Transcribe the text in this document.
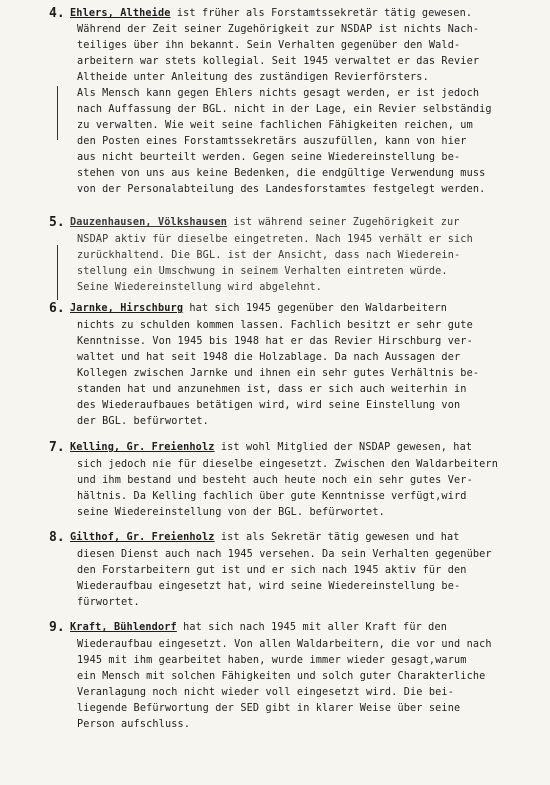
4. Ehlers, Altheide ist früher als Forstamtssekretär tätig gewesen.
Während der Zeit seiner Zugehörigkeit zur NSDAP ist nichts Nach-
teiliges über ihn bekannt. Sein Verhalten gegenüber den Wald-
arbeitern war stets kollegial. Seit 1945 verwaltet er das Revier
Altheide unter Anleitung des zuständigen Revierförsters.
Als Mensch kann gegen Ehlers nichts gesagt werden, er ist jedoch
nach Auffassung der BGL. nicht in der Lage, ein Revier selbständig
zu verwalten. Wie weit seine fachlichen Fähigkeiten reichen, um
den Posten eines Forstamtssekretärs auszufüllen, kann von hier
aus nicht beurteilt werden. Gegen seine Wiedereinstellung be-
stehen von uns aus keine Bedenken, die endgültige Verwendung muss
von der Personalabteilung des Landesforstamtes festgelegt werden.
5. Dauzenhausen, Völkshausen ist während seiner Zugehörigkeit zur
NSDAP aktiv für dieselbe eingetreten. Nach 1945 verhält er sich
zurückhaltend. Die BGL. ist der Ansicht, dass nach Wiederein-
stellung ein Umschwung in seinem Verhalten eintreten würde.
Seine Wiedereinstellung wird abgelehnt.
6. Jarnke, Hirschburg hat sich 1945 gegenüber den Waldarbeitern
nichts zu schulden kommen lassen. Fachlich besitzt er sehr gute
Kenntnisse. Von 1945 bis 1948 hat er das Revier Hirschburg ver-
waltet und hat seit 1948 die Holzablage. Da nach Aussagen der
Kollegen zwischen Jarnke und ihnen ein sehr gutes Verhältnis be-
standen hat und anzunehmen ist, dass er sich auch weiterhin in
des Wiederaufbaues betätigen wird, wird seine Einstellung von
der BGL. befürwortet.
7. Kelling, Gr. Freienholz ist wohl Mitglied der NSDAP gewesen, hat
sich jedoch nie für dieselbe eingesetzt. Zwischen den Waldarbeitern
und ihm bestand und besteht auch heute noch ein sehr gutes Ver-
hältnis. Da Kelling fachlich über gute Kenntnisse verfügt,wird
seine Wiedereinstellung von der BGL. befürwortet.
8. Gilthof, Gr. Freienholz ist als Sekretär tätig gewesen und hat
diesen Dienst auch nach 1945 versehen. Da sein Verhalten gegenüber
den Forstarbeitern gut ist und er sich nach 1945 aktiv für den
Wiederaufbau eingesetzt hat, wird seine Wiedereinstellung be-
fürwortet.
9. Kraft, Bühlendorf hat sich nach 1945 mit aller Kraft für den
Wiederaufbau eingesetzt. Von allen Waldarbeitern, die vor und nach
1945 mit ihm gearbeitet haben, wurde immer wieder gesagt,warum
ein Mensch mit solchen Fähigkeiten und solch guter Charakterliche
Veranlagung noch nicht wieder voll eingesetzt wird. Die bei-
liegende Befürwortung der SED gibt in klarer Weise über seine
Person aufschluss.
